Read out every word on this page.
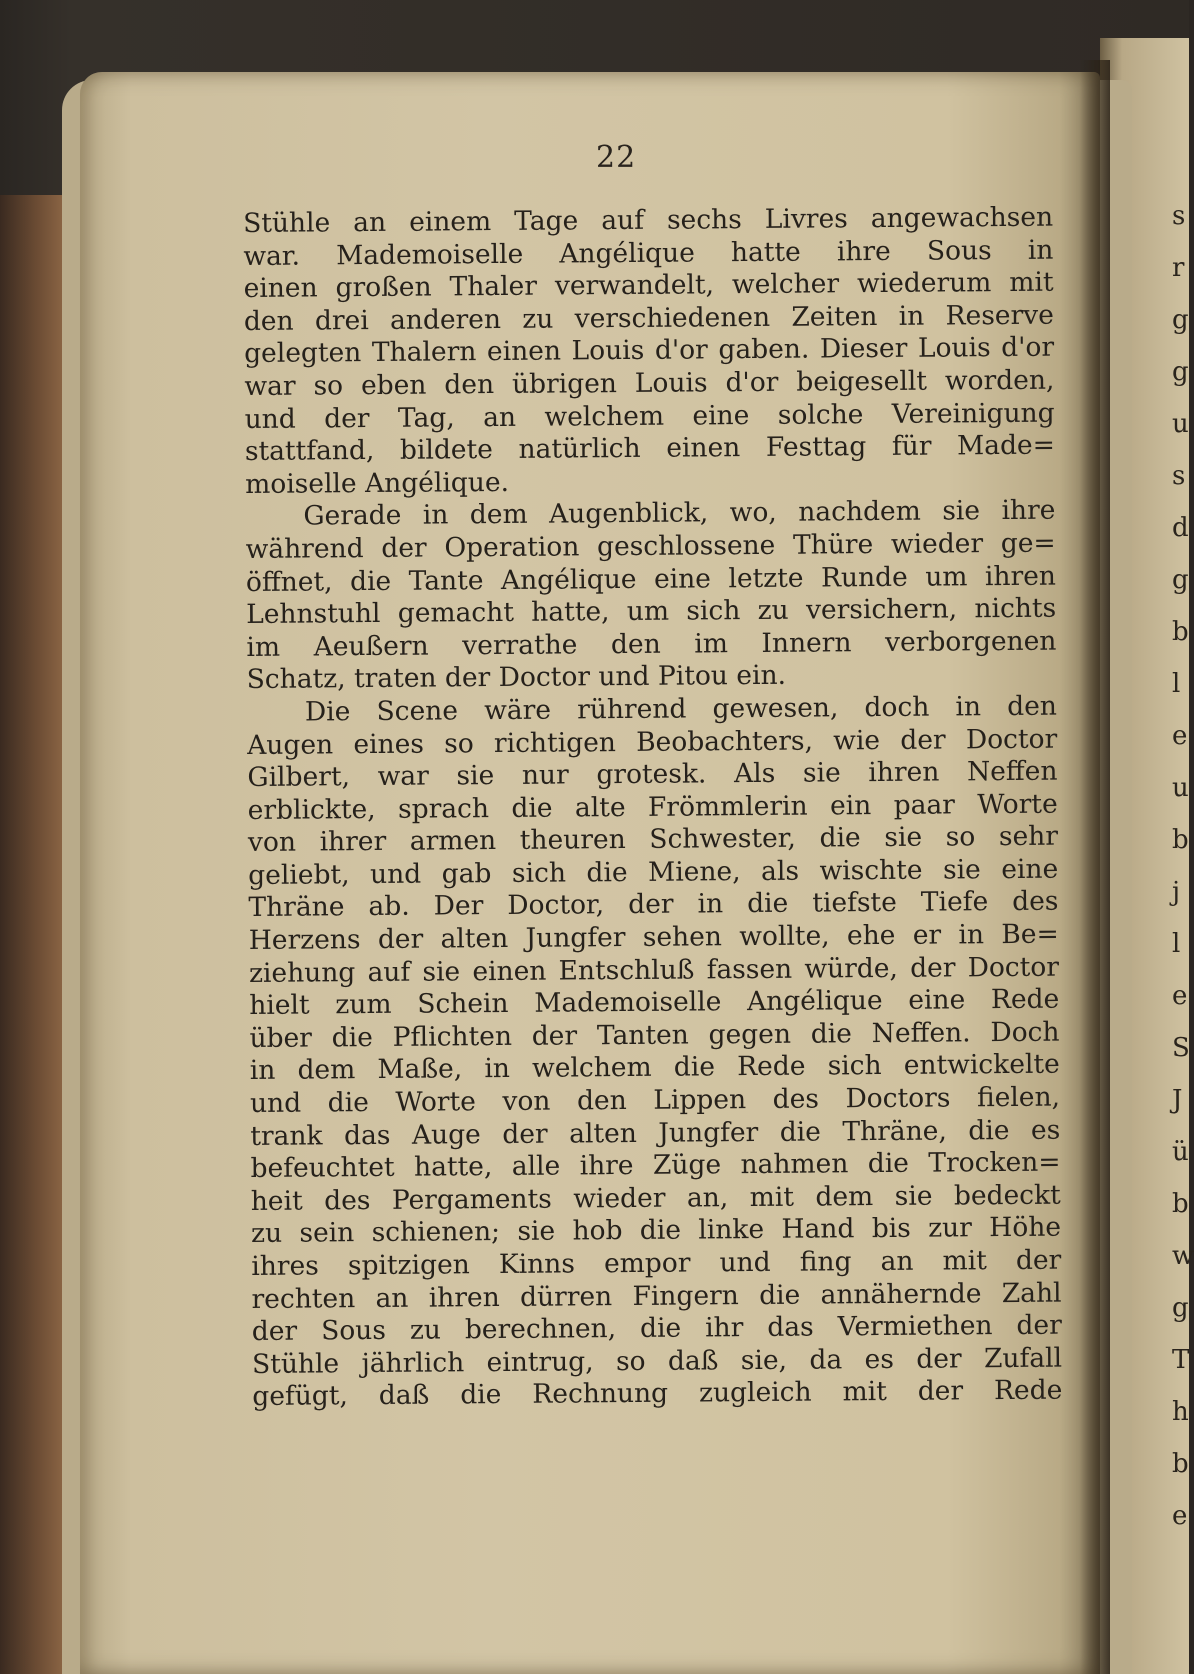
s
r
g
g
u
s
d
g
b
l
e
u
b
j
l
e
S
J
ü
b
w
g
T
h
b
e
22
Stühle an einem Tage auf sechs Livres angewachsen
war. Mademoiselle Angélique hatte ihre Sous in
einen großen Thaler verwandelt, welcher wiederum mit
den drei anderen zu verschiedenen Zeiten in Reserve
gelegten Thalern einen Louis d'or gaben. Dieser Louis d'or
war so eben den übrigen Louis d'or beigesellt worden,
und der Tag, an welchem eine solche Vereinigung
stattfand, bildete natürlich einen Festtag für Made=
moiselle Angélique.
Gerade in dem Augenblick, wo, nachdem sie ihre
während der Operation geschlossene Thüre wieder ge=
öffnet, die Tante Angélique eine letzte Runde um ihren
Lehnstuhl gemacht hatte, um sich zu versichern, nichts
im Aeußern verrathe den im Innern verborgenen
Schatz, traten der Doctor und Pitou ein.
Die Scene wäre rührend gewesen, doch in den
Augen eines so richtigen Beobachters, wie der Doctor
Gilbert, war sie nur grotesk. Als sie ihren Neffen
erblickte, sprach die alte Frömmlerin ein paar Worte
von ihrer armen theuren Schwester, die sie so sehr
geliebt, und gab sich die Miene, als wischte sie eine
Thräne ab. Der Doctor, der in die tiefste Tiefe des
Herzens der alten Jungfer sehen wollte, ehe er in Be=
ziehung auf sie einen Entschluß fassen würde, der Doctor
hielt zum Schein Mademoiselle Angélique eine Rede
über die Pflichten der Tanten gegen die Neffen. Doch
in dem Maße, in welchem die Rede sich entwickelte
und die Worte von den Lippen des Doctors fielen,
trank das Auge der alten Jungfer die Thräne, die es
befeuchtet hatte, alle ihre Züge nahmen die Trocken=
heit des Pergaments wieder an, mit dem sie bedeckt
zu sein schienen; sie hob die linke Hand bis zur Höhe
ihres spitzigen Kinns empor und fing an mit der
rechten an ihren dürren Fingern die annähernde Zahl
der Sous zu berechnen, die ihr das Vermiethen der
Stühle jährlich eintrug, so daß sie, da es der Zufall
gefügt, daß die Rechnung zugleich mit der Rede
